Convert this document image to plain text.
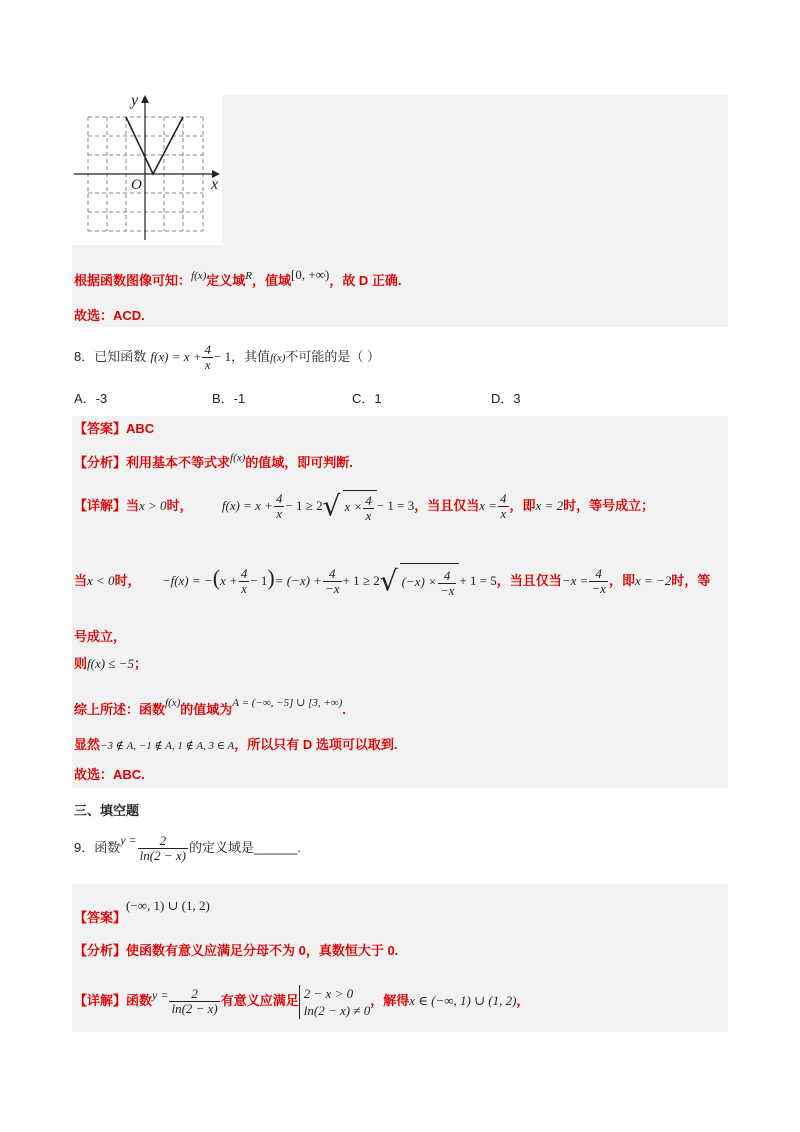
y
x
O
根据函数图像可知：$^{f(x)}$定义域$^R$，值域[0, +∞)，故 D 正确.
故选：ACD.
8．已知函数 $f(x) = x + \frac{4}{x} - 1$，其值f(x)不可能的是（ ）
A．-3	B．-1	C．1	D．3
【答案】ABC
【分析】利用基本不等式求$^{f(x)}$的值域，即可判断.
【详解】当x > 0时， $f(x) = x + \frac{4}{x} - 1 \ge 2√$ $x \times \frac{4}{x} - 1 = 3$，当且仅当$x = \frac{4}{x}$ ，即x = 2时，等号成立；
当x < 0时， $-f(x) = -(x + \frac{4}{x} - 1)= (-x) + \frac{4}{-x} + 1 \ge 2√$ $(-x) \times \frac{4}{-x} + 1 = 5$，当且仅当$-x = \frac{4}{-x}$ ，即x = −2时，等
号成立，
则f(x) ≤ −5；
综上所述：函数$^{f(x)}$的值域为$^{A = (-\infty, -5] \cup [3, +\infty)}$.
显然−3 ∉ A, −1 ∉ A, 1 ∉ A, 3 ∈ A，所以只有 D 选项可以取到.
故选：ABC.
三、填空题
9．函数$y = \frac{2}{\ln(2 - x)}$ 的定义域是______.
【答案】(−∞, 1) ∪ (1, 2)
【分析】使函数有意义应满足分母不为 0，真数恒大于 0.
【详解】函数$y = \frac{2}{\ln(2 - x)}$ 有意义应满足 2 − x > 0
ln(2 − x) ≠ 0
，解得x ∈ (−∞, 1) ∪ (1, 2)，
